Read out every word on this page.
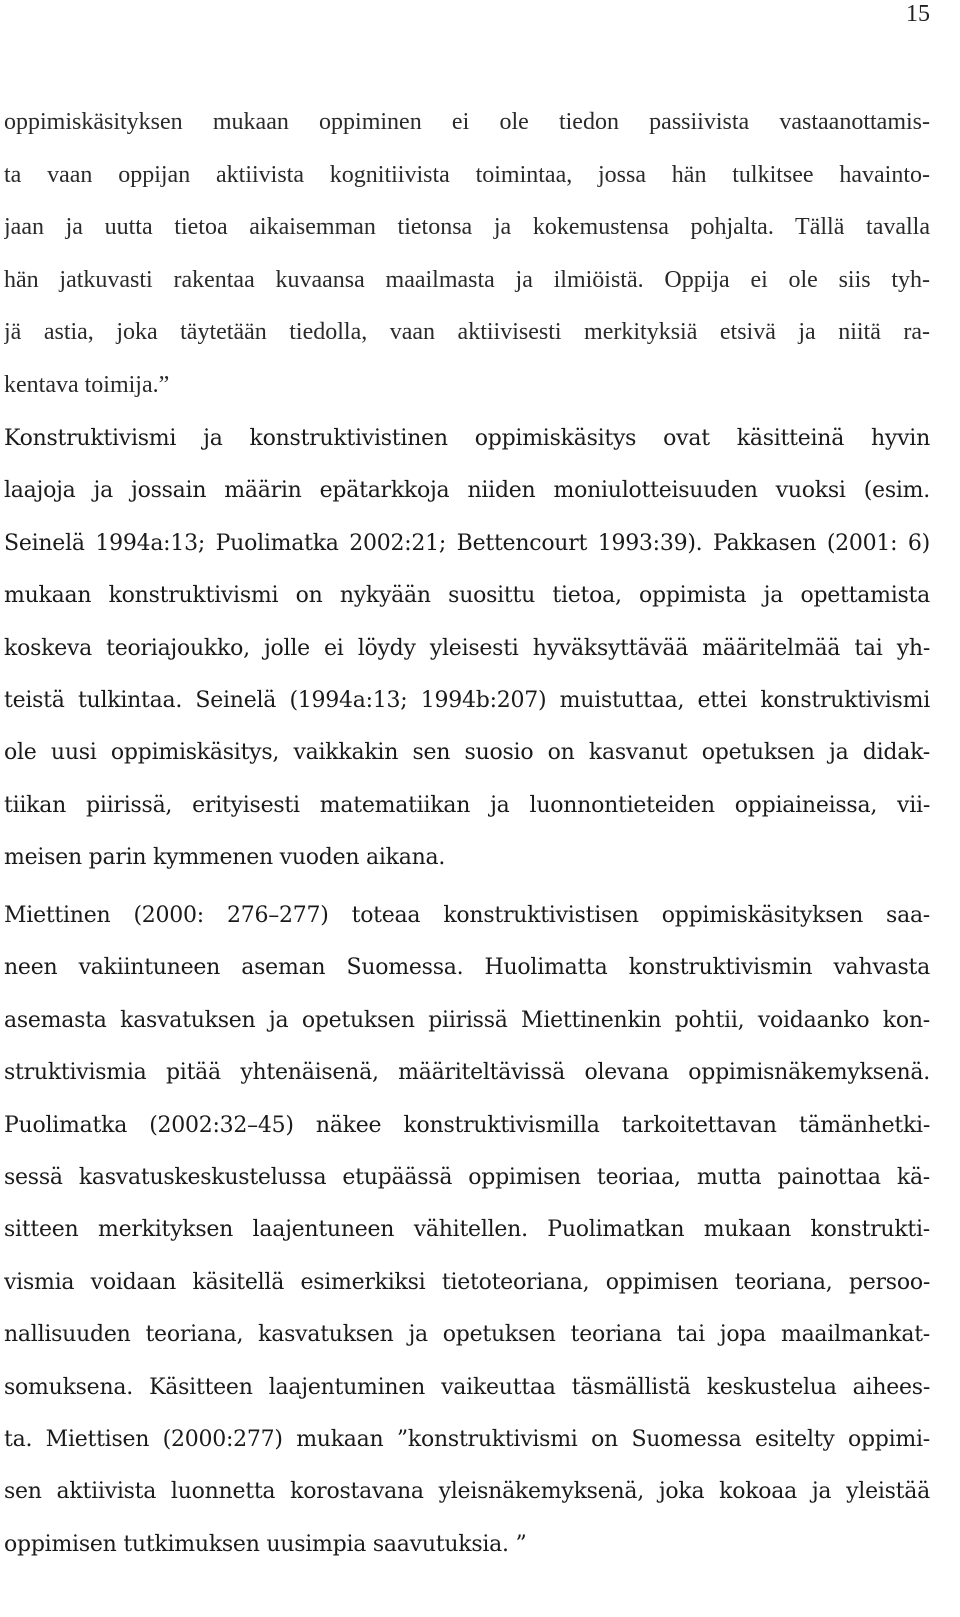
15
oppimiskäsityksen mukaan oppiminen ei ole tiedon passiivista vastaanottamis-
ta vaan oppijan aktiivista kognitiivista toimintaa, jossa hän tulkitsee havainto-
jaan ja uutta tietoa aikaisemman tietonsa ja kokemustensa pohjalta. Tällä tavalla
hän jatkuvasti rakentaa kuvaansa maailmasta ja ilmiöistä. Oppija ei ole siis tyh-
jä astia, joka täytetään tiedolla, vaan aktiivisesti merkityksiä etsivä ja niitä ra-
kentava toimija.”
Konstruktivismi ja konstruktivistinen oppimiskäsitys ovat käsitteinä hyvin
laajoja ja jossain määrin epätarkkoja niiden moniulotteisuuden vuoksi (esim.
Seinelä 1994a:13; Puolimatka 2002:21; Bettencourt 1993:39). Pakkasen (2001: 6)
mukaan konstruktivismi on nykyään suosittu tietoa, oppimista ja opettamista
koskeva teoriajoukko, jolle ei löydy yleisesti hyväksyttävää määritelmää tai yh-
teistä tulkintaa. Seinelä (1994a:13; 1994b:207) muistuttaa, ettei konstruktivismi
ole uusi oppimiskäsitys, vaikkakin sen suosio on kasvanut opetuksen ja didak-
tiikan piirissä, erityisesti matematiikan ja luonnontieteiden oppiaineissa, vii-
meisen parin kymmenen vuoden aikana.
Miettinen (2000: 276–277) toteaa konstruktivistisen oppimiskäsityksen saa-
neen vakiintuneen aseman Suomessa. Huolimatta konstruktivismin vahvasta
asemasta kasvatuksen ja opetuksen piirissä Miettinenkin pohtii, voidaanko kon-
struktivismia pitää yhtenäisenä, määriteltävissä olevana oppimisnäkemyksenä.
Puolimatka (2002:32–45) näkee konstruktivismilla tarkoitettavan tämänhetki-
sessä kasvatuskeskustelussa etupäässä oppimisen teoriaa, mutta painottaa kä-
sitteen merkityksen laajentuneen vähitellen. Puolimatkan mukaan konstrukti-
vismia voidaan käsitellä esimerkiksi tietoteoriana, oppimisen teoriana, persoo-
nallisuuden teoriana, kasvatuksen ja opetuksen teoriana tai jopa maailmankat-
somuksena. Käsitteen laajentuminen vaikeuttaa täsmällistä keskustelua aihees-
ta. Miettisen (2000:277) mukaan ”konstruktivismi on Suomessa esitelty oppimi-
sen aktiivista luonnetta korostavana yleisnäkemyksenä, joka kokoaa ja yleistää
oppimisen tutkimuksen uusimpia saavutuksia. ”
